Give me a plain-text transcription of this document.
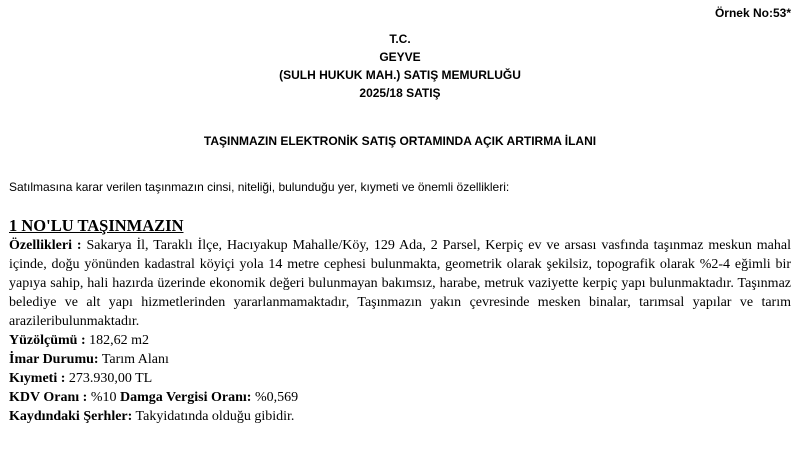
Örnek No:53*
T.C.
GEYVE
(SULH HUKUK MAH.) SATIŞ MEMURLUĞU
2025/18 SATIŞ
TAŞINMAZIN ELEKTRONİK SATIŞ ORTAMINDA AÇIK ARTIRMA İLANI
Satılmasına karar verilen taşınmazın cinsi, niteliği, bulunduğu yer, kıymeti ve önemli özellikleri:
1 NO'LU TAŞINMAZIN

Özellikleri : Sakarya İl, Taraklı İlçe, Hacıyakup Mahalle/Köy, 129 Ada, 2 Parsel, Kerpiç ev ve arsası vasfında taşınmaz meskun mahal içinde, doğu yönünden kadastral köyiçi yola 14 metre cephesi bulunmakta, geometrik olarak şekilsiz, topografik olarak %2-4 eğimli bir yapıya sahip, hali hazırda üzerinde ekonomik değeri bulunmayan bakımsız, harabe, metruk vaziyette kerpiç yapı bulunmaktadır. Taşınmaz belediye ve alt yapı hizmetlerinden yararlanmamaktadır, Taşınmazın yakın çevresinde mesken binalar, tarımsal yapılar ve tarım arazileribulunmaktadır.

Yüzölçümü : 182,62 m2
İmar Durumu: Tarım Alanı
Kıymeti : 273.930,00 TL
KDV Oranı : %10 Damga Vergisi Oranı: %0,569
Kaydındaki Şerhler: Takyidatında olduğu gibidir.
